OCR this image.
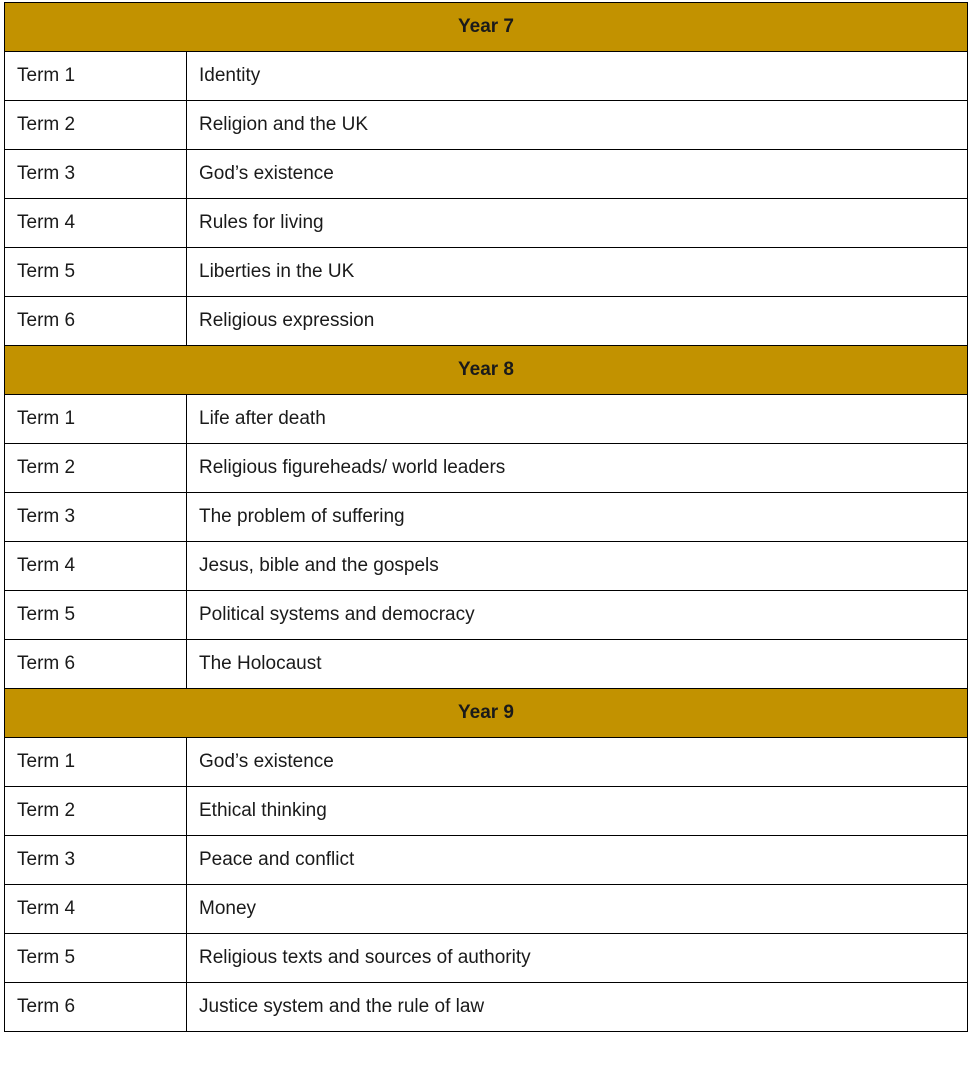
Year 7	
Term 1	Identity
Term 2	Religion and the UK
Term 3	God’s existence
Term 4	Rules for living
Term 5	Liberties in the UK
Term 6	Religious expression
Year 8	
Term 1	Life after death
Term 2	Religious figureheads/ world leaders
Term 3	The problem of suffering
Term 4	Jesus, bible and the gospels
Term 5	Political systems and democracy
Term 6	The Holocaust
Year 9	
Term 1	God’s existence
Term 2	Ethical thinking
Term 3	Peace and conflict
Term 4	Money
Term 5	Religious texts and sources of authority
Term 6	Justice system and the rule of law
